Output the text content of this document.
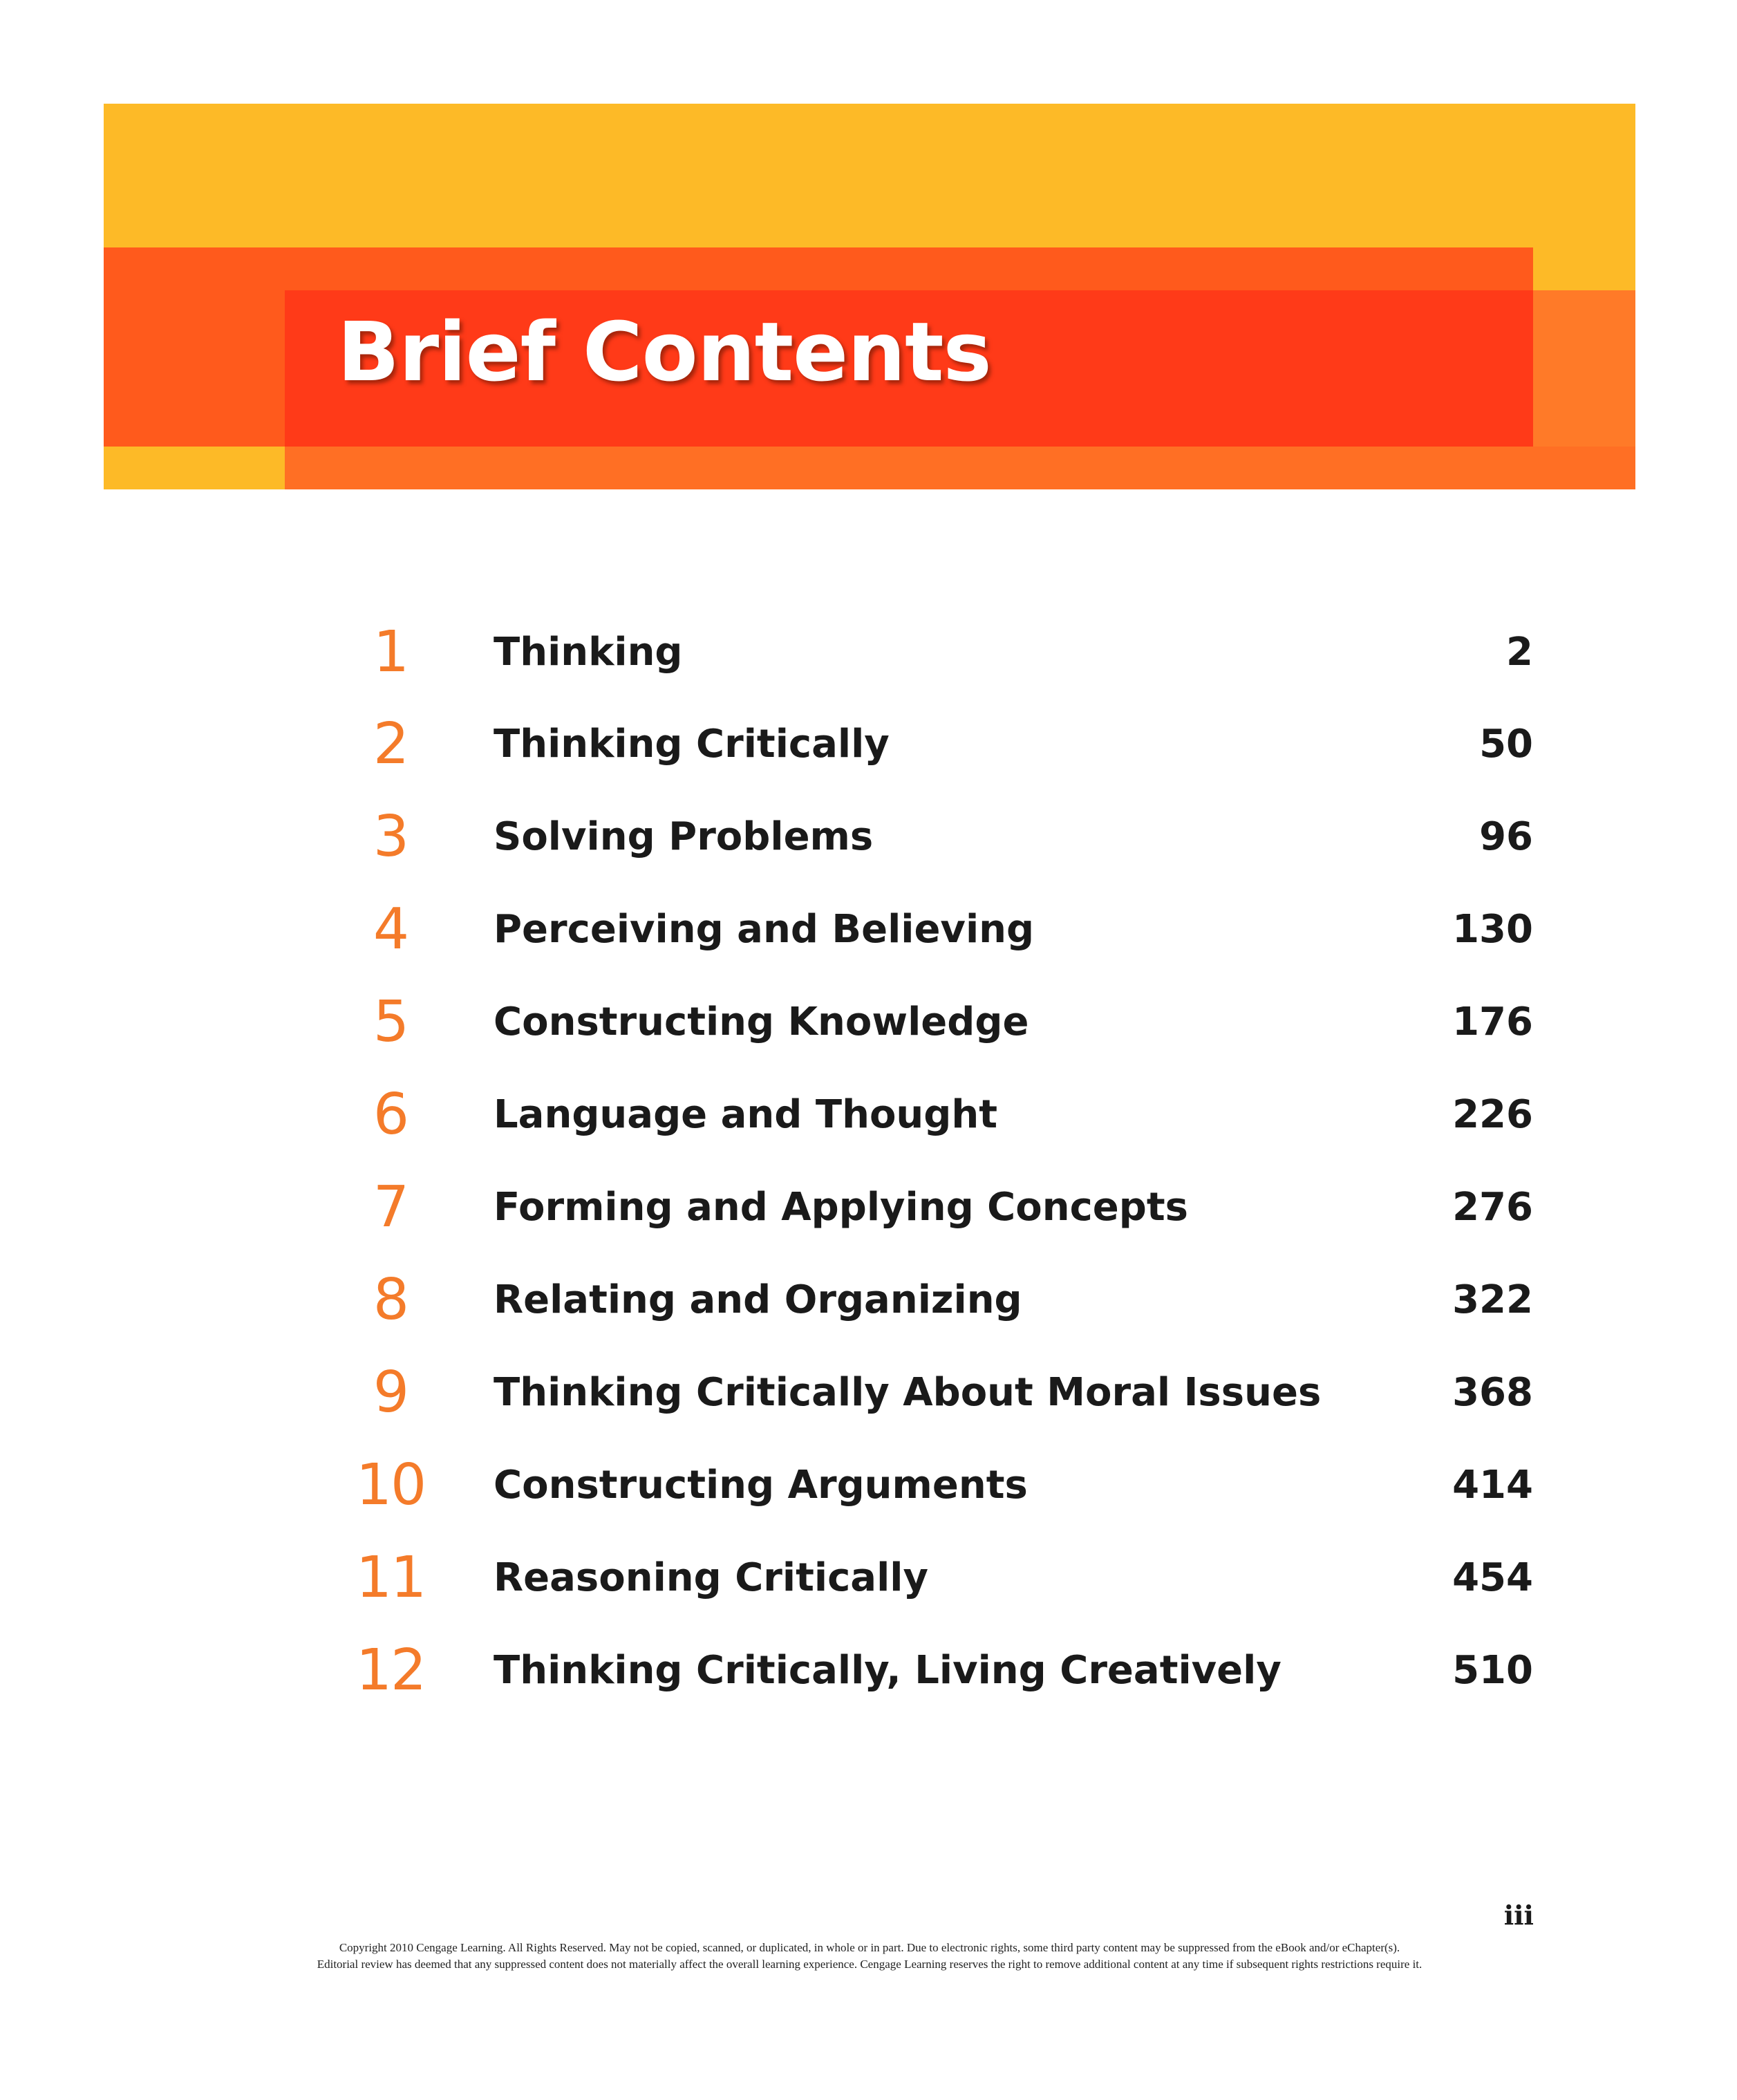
Brief Contents
1	Thinking	2
2	Thinking Critically	50
3	Solving Problems	96
4	Perceiving and Believing	130
5	Constructing Knowledge	176
6	Language and Thought	226
7	Forming and Applying Concepts	276
8	Relating and Organizing	322
9	Thinking Critically About Moral Issues	368
10	Constructing Arguments	414
11	Reasoning Critically	454
12	Thinking Critically, Living Creatively	510
iii
Copyright 2010 Cengage Learning. All Rights Reserved. May not be copied, scanned, or duplicated, in whole or in part. Due to electronic rights, some third party content may be suppressed from the eBook and/or eChapter(s).
Editorial review has deemed that any suppressed content does not materially affect the overall learning experience. Cengage Learning reserves the right to remove additional content at any time if subsequent rights restrictions require it.
